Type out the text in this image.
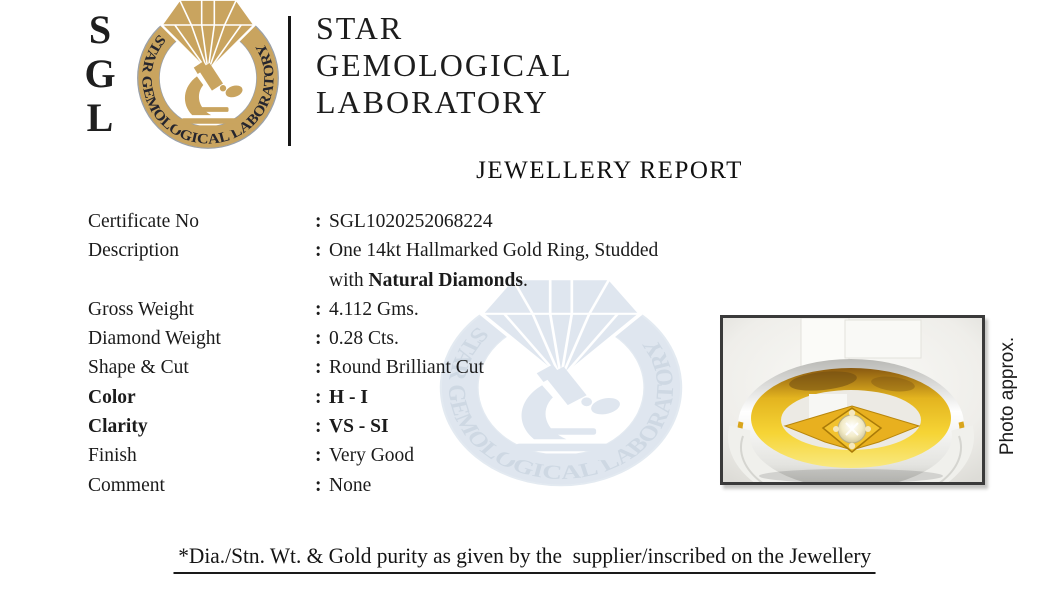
S
G
L
STAR
GEMOLOGICAL
LABORATORY
JEWELLERY REPORT
Certificate No	: SGL1020252068224
Description	: One 14kt Hallmarked Gold Ring, Studded
with Natural Diamonds.
Gross Weight	: 4.112 Gms.
Diamond Weight	: 0.28 Cts.
Shape & Cut	: Round Brilliant Cut
Color	: H - I
Clarity	: VS - SI
Finish	: Very Good
Comment	: None
Photo approx.
*Dia./Stn. Wt. & Gold purity as given by the  supplier/inscribed on the Jewellery
